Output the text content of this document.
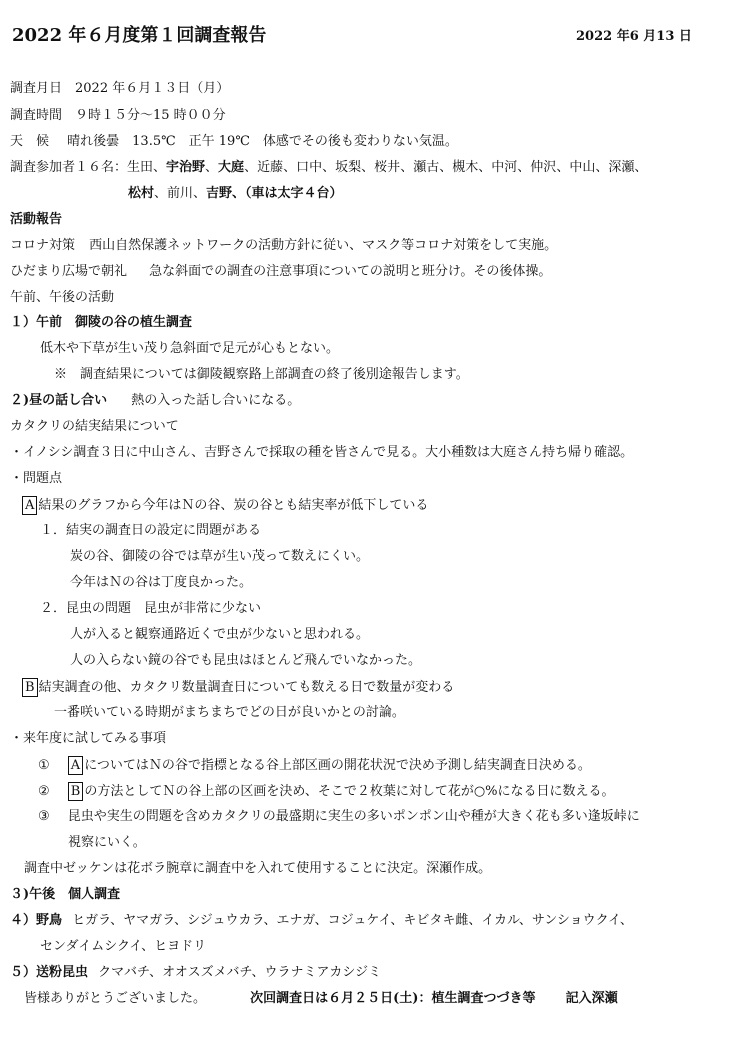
2022 年６月度第１回調査報告	2022 年6 月13 日
調査月日　2022 年６月１３日（月）
調査時間　９時１５分～15 時００分
天　候 晴れ後曇　13.5℃　正午 19℃　体感でその後も変わりない気温。
調査参加者１６名：生田、宇治野、大庭、近藤、口中、坂梨、桜井、瀬古、槻木、中河、仲沢、中山、深瀬、
松村、前川、吉野、（車は太字４台）
活動報告
コロナ対策 西山自然保護ネットワークの活動方針に従い、マスク等コロナ対策をして実施。
ひだまり広場で朝礼 急な斜面での調査の注意事項についての説明と班分け。その後体操。
午前、午後の活動
１）午前　御陵の谷の植生調査
低木や下草が生い茂り急斜面で足元が心もとない。
※　調査結果については御陵観察路上部調査の終了後別途報告します。
２)昼の話し合い 熱の入った話し合いになる。
カタクリの結実結果について
・イノシシ調査３日に中山さん、吉野さんで採取の種を皆さんで見る。大小種数は大庭さん持ち帰り確認。
・問題点
A 結果のグラフから今年はＮの谷、炭の谷とも結実率が低下している
１．結実の調査日の設定に問題がある
炭の谷、御陵の谷では草が生い茂って数えにくい。
今年はＮの谷は丁度良かった。
２．昆虫の問題　昆虫が非常に少ない
人が入ると観察通路近くで虫が少ないと思われる。
人の入らない鏡の谷でも昆虫はほとんど飛んでいなかった。
B 結実調査の他、カタクリ数量調査日についても数える日で数量が変わる
一番咲いている時期がまちまちでどの日が良いかとの討論。
・来年度に試してみる事項
① A についてはＮの谷で指標となる谷上部区画の開花状況で決め予測し結実調査日決める。
② B の方法としてＮの谷上部の区画を決め、そこで２枚葉に対して花が○%になる日に数える。
③ 昆虫や実生の問題を含めカタクリの最盛期に実生の多いポンポン山や種が大きく花も多い逢坂峠に
視察にいく。
調査中ゼッケンは花ボラ腕章に調査中を入れて使用することに決定。深瀬作成。
３)午後　個人調査
４）野鳥 ヒガラ、ヤマガラ、シジュウカラ、エナガ、コジュケイ、キビタキ雌、イカル、サンショウクイ、
センダイムシクイ、ヒヨドリ
５）送粉昆虫 クマバチ、オオスズメバチ、ウラナミアカシジミ
皆様ありがとうございました。	次回調査日は６月２５日(土)：植生調査つづき等 記入深瀬
